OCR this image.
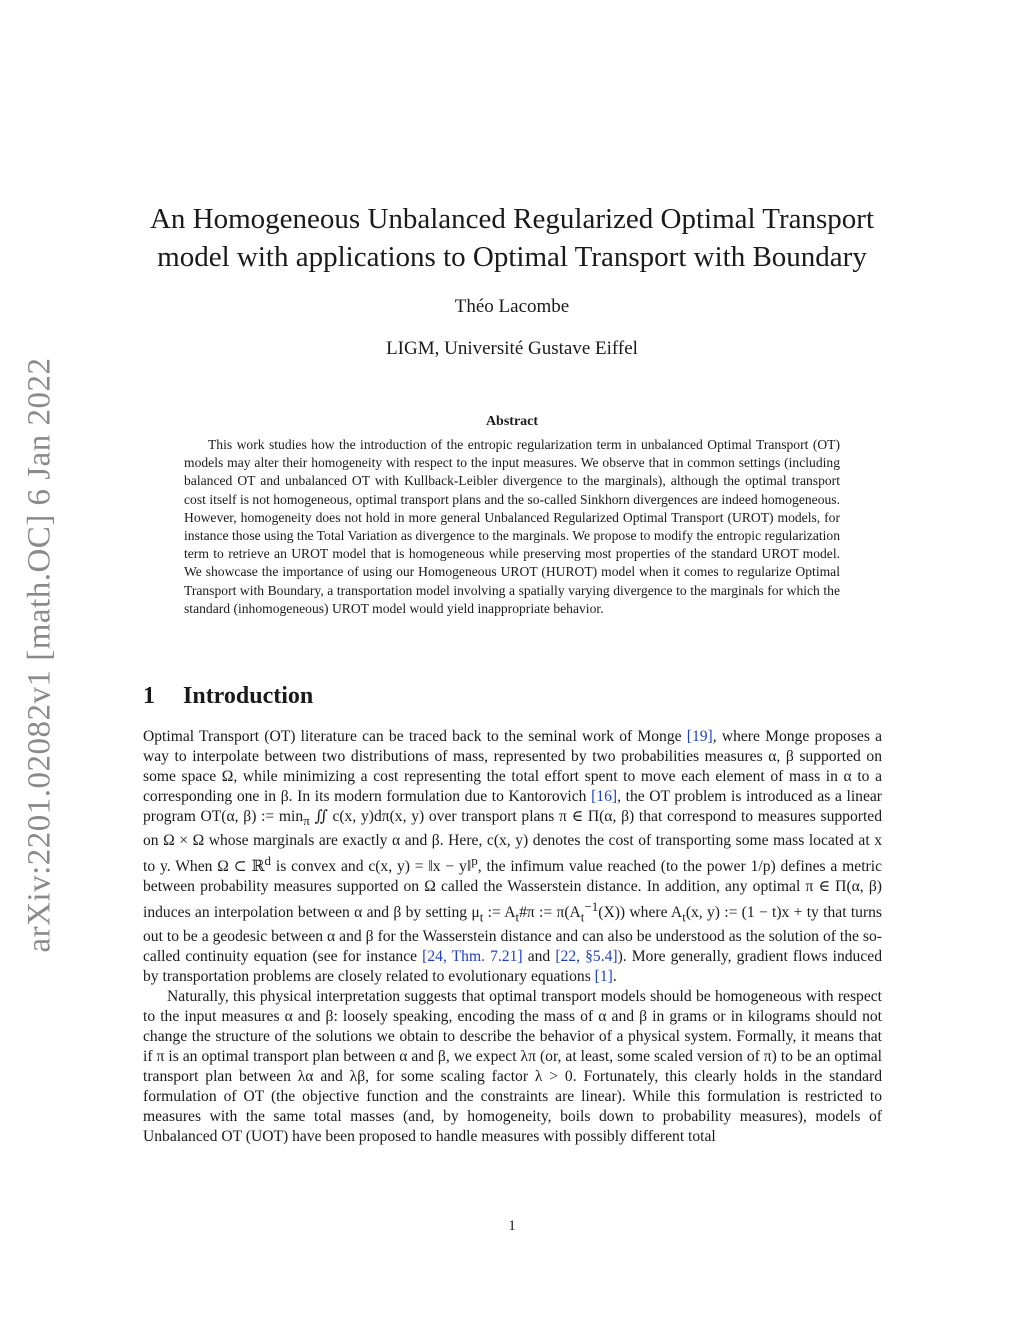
arXiv:2201.02082v1 [math.OC] 6 Jan 2022
An Homogeneous Unbalanced Regularized Optimal Transport
model with applications to Optimal Transport with Boundary
Théo Lacombe
LIGM, Université Gustave Eiffel
Abstract
This work studies how the introduction of the entropic regularization term in unbalanced Optimal Transport (OT) models may alter their homogeneity with respect to the input measures. We observe that in common settings (including balanced OT and unbalanced OT with Kullback-Leibler divergence to the marginals), although the optimal transport cost itself is not homogeneous, optimal transport plans and the so-called Sinkhorn divergences are indeed homogeneous. However, homogeneity does not hold in more general Unbalanced Regularized Optimal Transport (UROT) models, for instance those using the Total Variation as divergence to the marginals. We propose to modify the entropic regularization term to retrieve an UROT model that is homogeneous while preserving most properties of the standard UROT model. We showcase the importance of using our Homogeneous UROT (HUROT) model when it comes to regularize Optimal Transport with Boundary, a transportation model involving a spatially varying divergence to the marginals for which the standard (inhomogeneous) UROT model would yield inappropriate behavior.
1 Introduction

Optimal Transport (OT) literature can be traced back to the seminal work of Monge [19], where Monge proposes a way to interpolate between two distributions of mass, represented by two probabilities measures α, β supported on some space Ω, while minimizing a cost representing the total effort spent to move each element of mass in α to a corresponding one in β. In its modern formulation due to Kantorovich [16], the OT problem is introduced as a linear program OT(α, β) := $\min_\pi$ ∬ c(x, y)dπ(x, y) over transport plans π ∈ Π(α, β) that correspond to measures supported on Ω × Ω whose marginals are exactly α and β. Here, c(x, y) denotes the cost of transporting some mass located at x to y. When Ω ⊂ ℝ$^d$ is convex and c(x, y) = ‖x − y‖$^p$, the infimum value reached (to the power 1/p) defines a metric between probability measures supported on Ω called the Wasserstein distance. In addition, any optimal π ∈ Π(α, β) induces an interpolation between α and β by setting $\mu_t$ := $A_t\#\pi$ := $\pi(A_t^{-1}(X))$ where $A_t(x$, y) := (1 − t)x + ty that turns out to be a geodesic between α and β for the Wasserstein distance and can also be understood as the solution of the so-called continuity equation (see for instance [24, Thm. 7.21] and [22, §5.4]). More generally, gradient flows induced by transportation problems are closely related to evolutionary equations [1].

Naturally, this physical interpretation suggests that optimal transport models should be homogeneous with respect to the input measures α and β: loosely speaking, encoding the mass of α and β in grams or in kilograms should not change the structure of the solutions we obtain to describe the behavior of a physical system. Formally, it means that if π is an optimal transport plan between α and β, we expect λπ (or, at least, some scaled version of π) to be an optimal transport plan between λα and λβ, for some scaling factor λ > 0. Fortunately, this clearly holds in the standard formulation of OT (the objective function and the constraints are linear). While this formulation is restricted to measures with the same total masses (and, by homogeneity, boils down to probability measures), models of Unbalanced OT (UOT) have been proposed to handle measures with possibly different total

1
